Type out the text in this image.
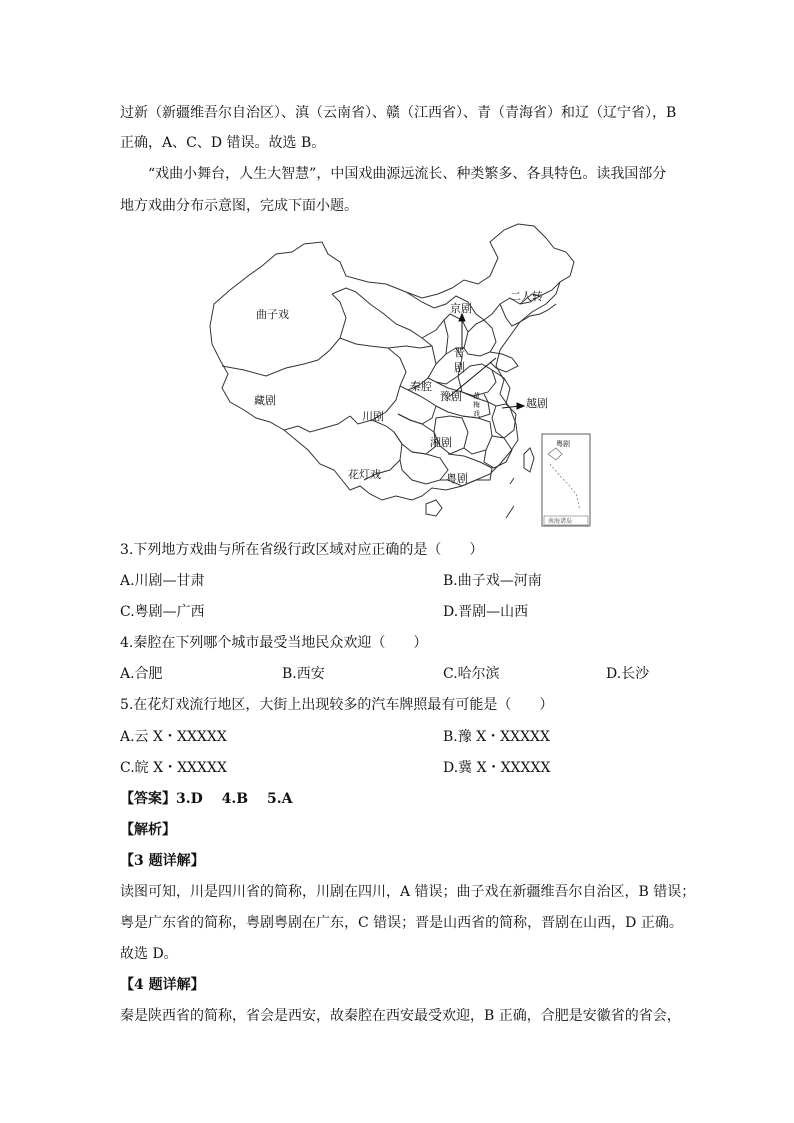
过新（新疆维吾尔自治区）、滇（云南省）、赣（江西省）、青（青海省）和辽（辽宁省），B
正确，A、C、D 错误。故选 B。
“戏曲小舞台，人生大智慧”，中国戏曲源远流长、种类繁多、各具特色。读我国部分
地方戏曲分布示意图，完成下面小题。
曲子戏	京剧
二人转
晋
剧
秦腔
豫剧 黄
梅
戏
越剧
藏剧
川剧
湘剧
花灯戏	粤剧
粤剧
南海诸岛
3.下列地方戏曲与所在省级行政区域对应正确的是（　　）
A.川剧—甘肃	B.曲子戏—河南
C.粤剧—广西	D.晋剧—山西
4.秦腔在下列哪个城市最受当地民众欢迎（　　）
A.合肥	B.西安	C.哈尔滨	D.长沙
5.在花灯戏流行地区，大街上出现较多的汽车牌照最有可能是（　　）
A.云 X・XXXXX	B.豫 X・XXXXX
C.皖 X・XXXXX	D.冀 X・XXXXX
【答案】3.D　 4.B　 5.A
【解析】
【3 题详解】
读图可知，川是四川省的简称，川剧在四川，A 错误；曲子戏在新疆维吾尔自治区，B 错误；
粤是广东省的简称，粤剧粤剧在广东，C 错误；晋是山西省的简称，晋剧在山西，D 正确。
故选 D。
【4 题详解】
秦是陕西省的简称，省会是西安，故秦腔在西安最受欢迎，B 正确，合肥是安徽省的省会，
